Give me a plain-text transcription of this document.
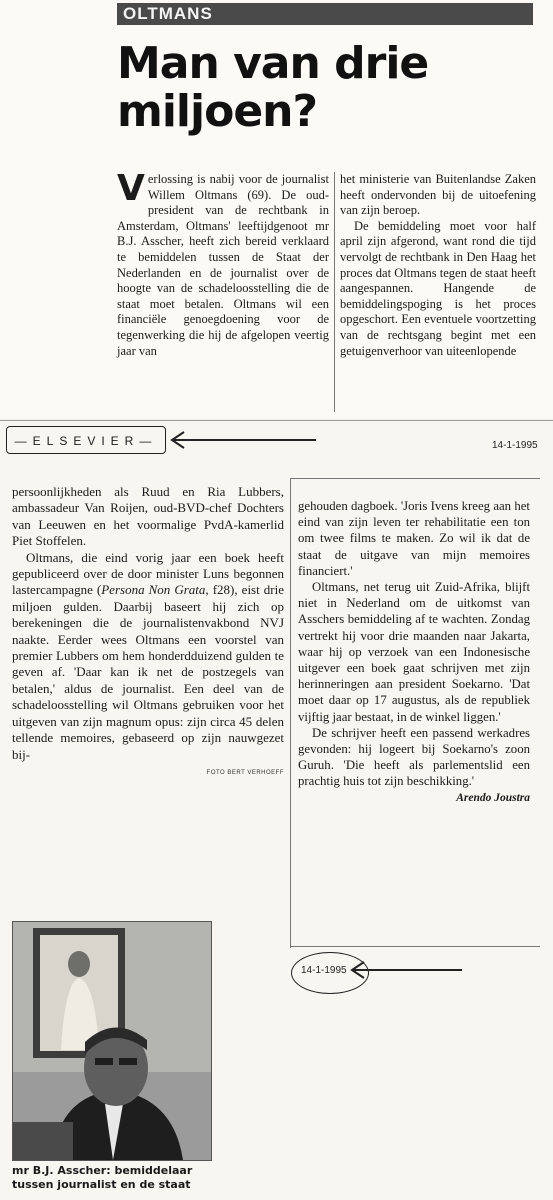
OLTMANS
Man van drie
miljoen?

Verlossing is nabij voor de journalist Willem Oltmans (69). De oud-president van de rechtbank in Amsterdam, Oltmans' leeftijdgenoot mr B.J. Asscher, heeft zich bereid verklaard te bemiddelen tussen de Staat der Nederlanden en de journalist over de hoogte van de schadeloosstelling die de staat moet betalen. Oltmans wil een financiële genoegdoening voor de tegenwerking die hij de afgelopen veertig jaar van

het ministerie van Buitenlandse Zaken heeft ondervonden bij de uitoefening van zijn beroep.

De bemiddeling moet voor half april zijn afgerond, want rond die tijd vervolgt de rechtbank in Den Haag het proces dat Oltmans tegen de staat heeft aangespannen. Hangende de bemiddelingspoging is het proces opgeschort. Een eventuele voortzetting van de rechtsgang begint met een getuigenverhoor van uiteenlopende

—ELSEVIER—	14-1-1995

persoonlijkheden als Ruud en Ria Lubbers, ambassadeur Van Roijen, oud-BVD-chef Dochters van Leeuwen en het voormalige PvdA-kamerlid Piet Stoffelen.

Oltmans, die eind vorig jaar een boek heeft gepubliceerd over de door minister Luns begonnen lastercampagne (Persona Non Grata, f28), eist drie miljoen gulden. Daarbij baseert hij zich op berekeningen die de journalistenvakbond NVJ naakte. Eerder wees Oltmans een voorstel van premier Lubbers om hem honderdduizend gulden te geven af. 'Daar kan ik net de postzegels van betalen,' aldus de journalist. Een deel van de schadeloosstelling wil Oltmans gebruiken voor het uitgeven van zijn magnum opus: zijn circa 45 delen tellende memoires, gebaseerd op zijn nauwgezet bij-

FOTO BERT VERHOEFF

gehouden dagboek. 'Joris Ivens kreeg aan het eind van zijn leven ter rehabilitatie een ton om twee films te maken. Zo wil ik dat de staat de uitgave van mijn memoires financiert.'

Oltmans, net terug uit Zuid-Afrika, blijft niet in Nederland om de uitkomst van Asschers bemiddeling af te wachten. Zondag vertrekt hij voor drie maanden naar Jakarta, waar hij op verzoek van een Indonesische uitgever een boek gaat schrijven met zijn herinneringen aan president Soekarno. 'Dat moet daar op 17 augustus, als de republiek vijftig jaar bestaat, in de winkel liggen.'

De schrijver heeft een passend werkadres gevonden: hij logeert bij Soekarno's zoon Guruh. 'Die heeft als parlementslid een prachtig huis tot zijn beschikking.'

Arendo Joustra
14-1-1995
mr B.J. Asscher: bemiddelaar tussen journalist en de staat
